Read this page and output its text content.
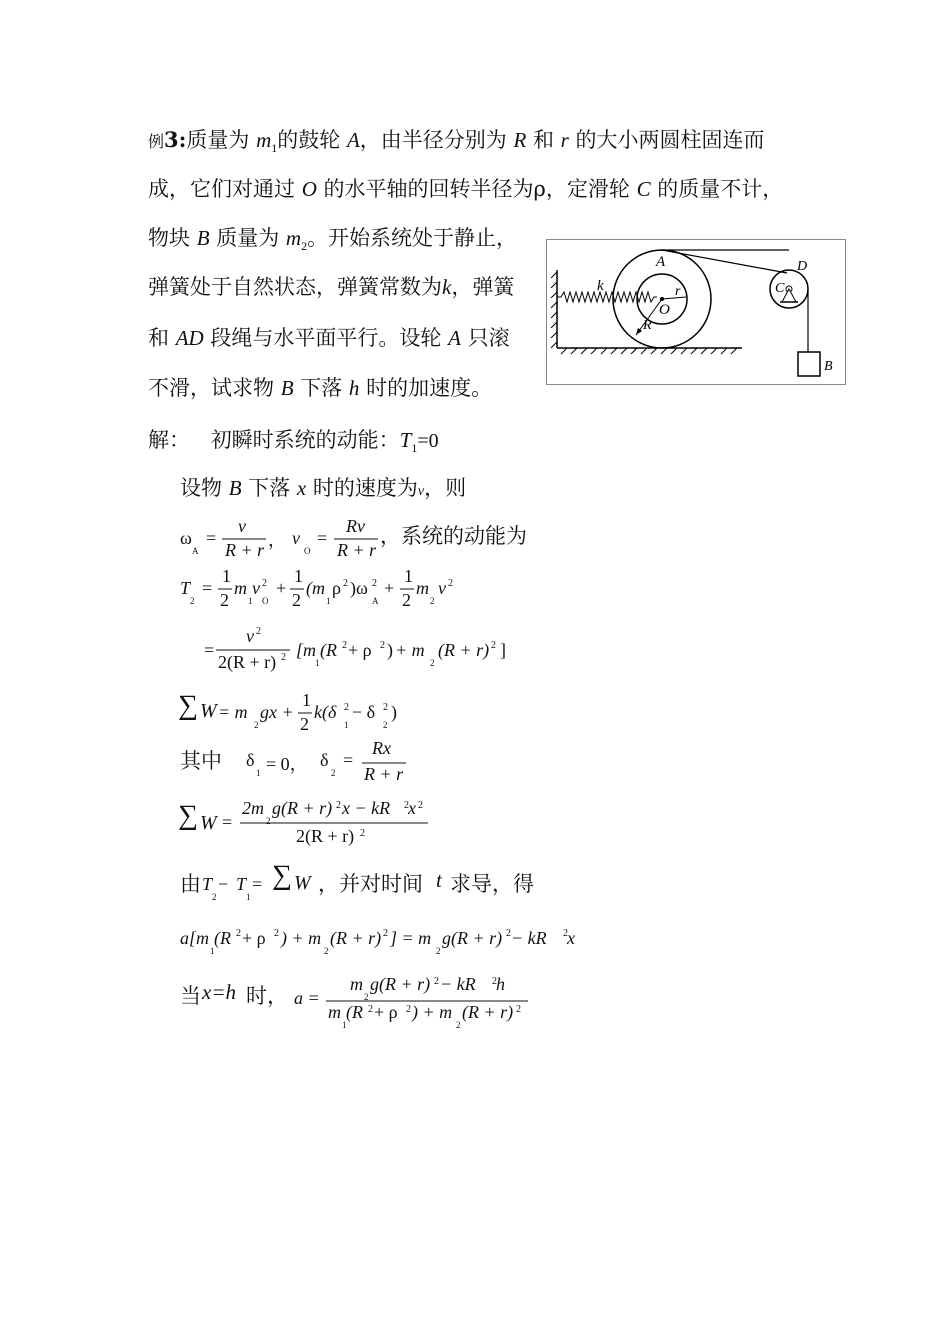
例3:质量为 $m_1$的鼓轮 A，由半径分别为 R 和 r 的大小两圆柱固连而
成，它们对通过 O 的水平轴的回转半径为ρ，定滑轮 C 的质量不计，
物块 B 质量为 $m_2$。开始系统处于静止，
弹簧处于自然状态，弹簧常数为k，弹簧
和 AD 段绳与水平面平行。设轮 A 只滚
不滑，试求物 B 下落 h 时的加速度。
k
A
r
O
R
D
C
B
解： 初瞬时系统的动能：$T_1=0$
设物 B 下落 x 时的速度为v，则
ω
A
=
v
R + r ， v
O
=
Rv
R + r
，系统的动能为
T
2
=
1
2
m
1
v 2
O
+
1
2
(m
1
ρ 2 )ω 2
A
+
1
2
m
2
v 2
=
v 2
2(R + r) 2 [m
1
(R 2 + ρ 2 ) + m
2
(R + r) 2 ]
∑ W = m
2
gx +
1
2
k(δ
1
2 − δ
2
2 )
其中 δ
1 = 0， δ
2
=
Rx
R + r
∑ W =
2m
2
g(R + r) 2 x − kR 2 x 2
2(R + r) 2
由 T
2
− T
1
= ∑ W ，并对时间 t 求导，得
a[m
1
(R 2 + ρ 2 ) + m
2
(R + r) 2 ] = m
2
g(R + r) 2 − kR 2 x
当 x=h 时， a =
m
2
g(R + r) 2 − kR 2 h
m
1
(R 2 + ρ 2 ) + m
2
(R + r) 2
